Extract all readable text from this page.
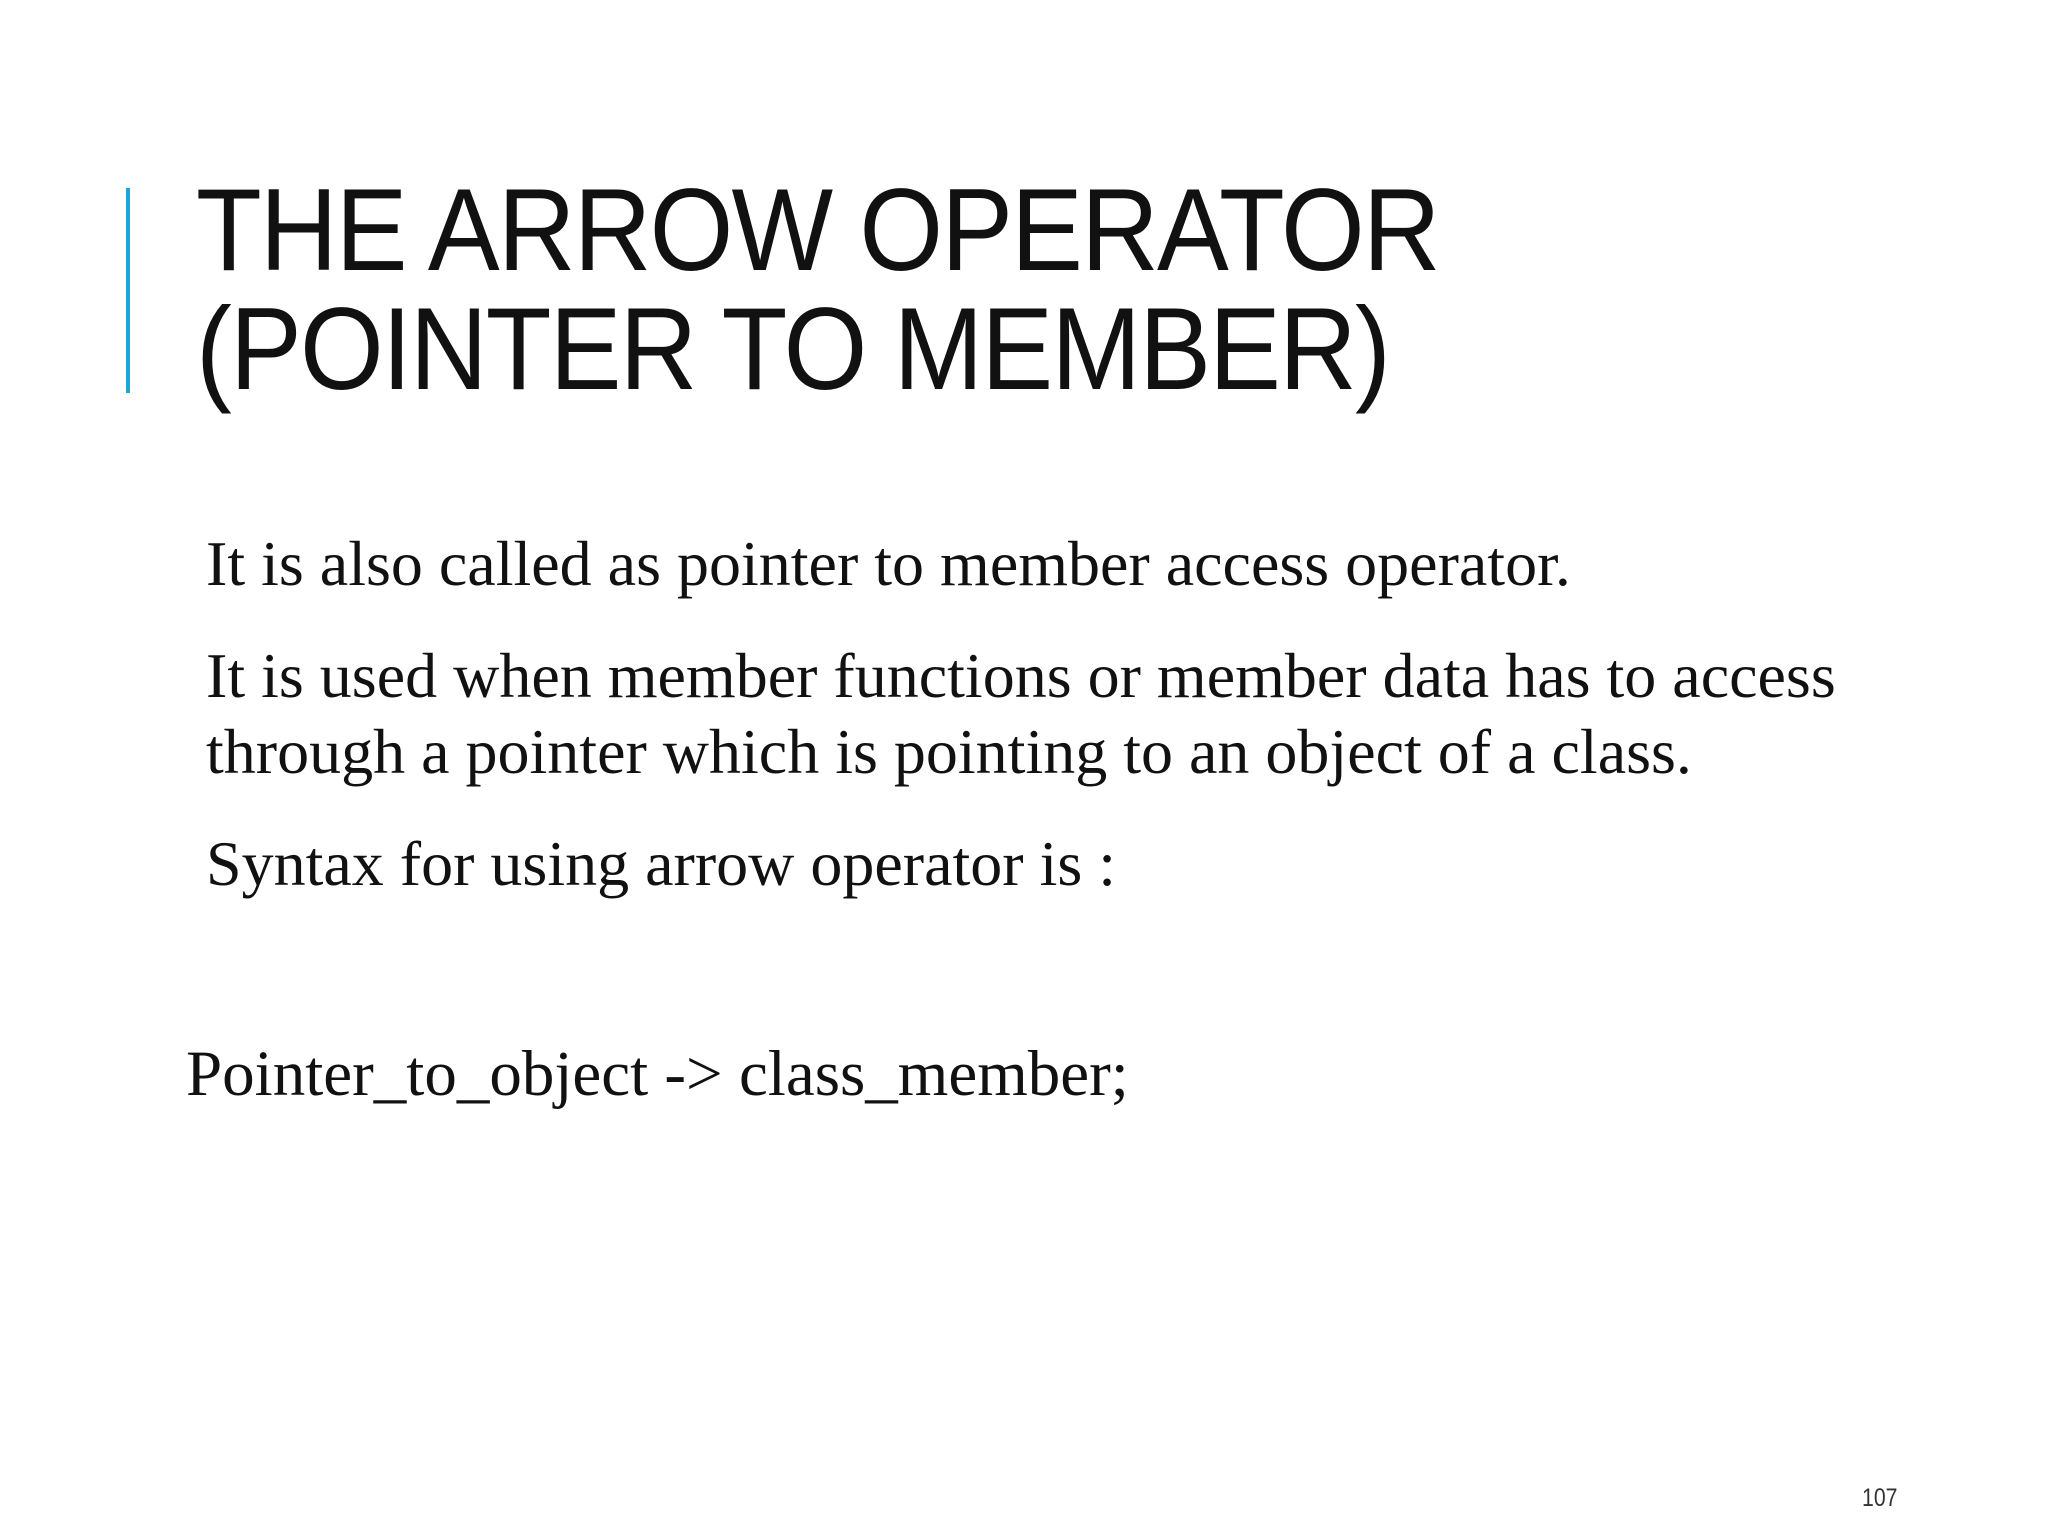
THE ARROW OPERATOR
(POINTER TO MEMBER)

It is also called as pointer to member access operator.

It is used when member functions or member data has to access through a pointer which is pointing to an object of a class.

Syntax for using arrow operator is :

Pointer_to_object -> class_member;

107
